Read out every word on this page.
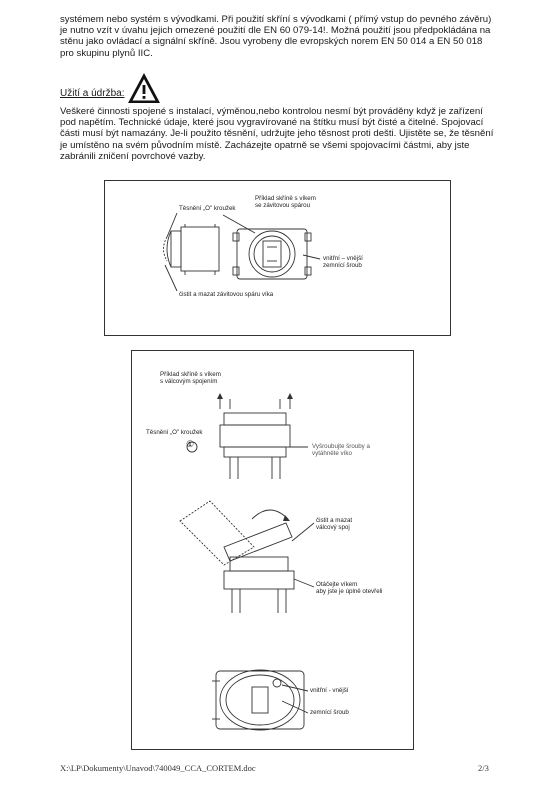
systémem nebo systém s vývodkami. Při použití skříní s vývodkami ( přímý vstup do pevného závěru)
je nutno vzít v úvahu jejich omezené použití dle EN 60 079-14!. Možná použití jsou předpokládána na
stěnu jako ovládací a signální skříně. Jsou vyrobeny dle evropských norem EN 50 014 a EN 50 018
pro skupinu plynů IIC.
Užití a údržba:
Veškeré činnosti spojené s instalací, výměnou,nebo kontrolou nesmí být prováděny když je zařízení
pod napětím. Technické údaje, které jsou vygravírované na štítku musí být čisté a čitelné. Spojovací
části musí být namazány. Je-li použito těsnění, udržujte jeho těsnost proti dešti. Ujistěte se, že těsnění
je umístěno na svém původním místě. Zacházejte opatrně se všemi spojovacími částmi, aby jste
zabránili zničení povrchové vazby.
Těsnění „O" kroužek
Příklad skříně s víkem
se závitovou spárou
vnitřní – vnější
zemnící šroub
čistit a mazat závitovou spáru víka
Příklad skříně s víkem
s válcovým spojením
Těsnění „O" kroužek
①	Vyšroubujte šrouby a
vytáhněte víko
čistit a mazat
válcový spoj
Otáčejte víkem
aby jste je úplně otevřeli
vnitřní - vnější
zemnící šroub
X:\LP\Dokumenty\Unavod\740049_CCA_CORTEM.doc	2/3
